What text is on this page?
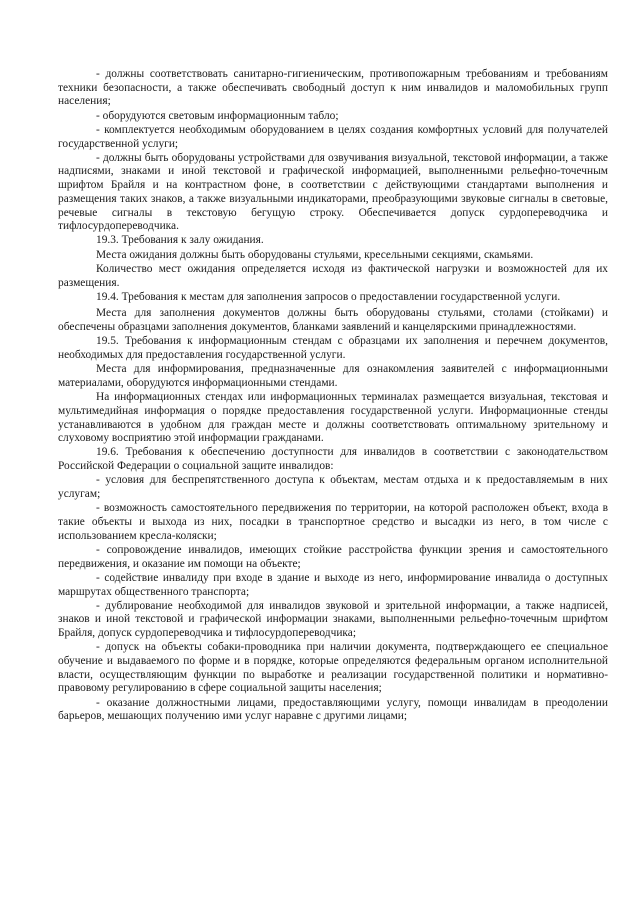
- должны соответствовать санитарно-гигиеническим, противопожарным требованиям и требованиям техники безопасности, а также обеспечивать свободный доступ к ним инвалидов и маломобильных групп населения;

- оборудуются световым информационным табло;

- комплектуется необходимым оборудованием в целях создания комфортных условий для получателей государственной услуги;

- должны быть оборудованы устройствами для озвучивания визуальной, текстовой информации, а также надписями, знаками и иной текстовой и графической информацией, выполненными рельефно-точечным шрифтом Брайля и на контрастном фоне, в соответствии с действующими стандартами выполнения и размещения таких знаков, а также визуальными индикаторами, преобразующими звуковые сигналы в световые, речевые сигналы в текстовую бегущую строку. Обеспечивается допуск сурдопереводчика и тифлосурдопереводчика.

19.3. Требования к залу ожидания.

Места ожидания должны быть оборудованы стульями, кресельными секциями, скамьями.

Количество мест ожидания определяется исходя из фактической нагрузки и возможностей для их размещения.

19.4. Требования к местам для заполнения запросов о предоставлении государственной услуги.

Места для заполнения документов должны быть оборудованы стульями, столами (стойками) и обеспечены образцами заполнения документов, бланками заявлений и канцелярскими принадлежностями.

19.5. Требования к информационным стендам с образцами их заполнения и перечнем документов, необходимых для предоставления государственной услуги.

Места для информирования, предназначенные для ознакомления заявителей с информационными материалами, оборудуются информационными стендами.

На информационных стендах или информационных терминалах размещается визуальная, текстовая и мультимедийная информация о порядке предоставления государственной услуги. Информационные стенды устанавливаются в удобном для граждан месте и должны соответствовать оптимальному зрительному и слуховому восприятию этой информации гражданами.

19.6. Требования к обеспечению доступности для инвалидов в соответствии с законодательством Российской Федерации о социальной защите инвалидов:

- условия для беспрепятственного доступа к объектам, местам отдыха и к предоставляемым в них услугам;

- возможность самостоятельного передвижения по территории, на которой расположен объект, входа в такие объекты и выхода из них, посадки в транспортное средство и высадки из него, в том числе с использованием кресла-коляски;

- сопровождение инвалидов, имеющих стойкие расстройства функции зрения и самостоятельного передвижения, и оказание им помощи на объекте;

- содействие инвалиду при входе в здание и выходе из него, информирование инвалида о доступных маршрутах общественного транспорта;

- дублирование необходимой для инвалидов звуковой и зрительной информации, а также надписей, знаков и иной текстовой и графической информации знаками, выполненными рельефно-точечным шрифтом Брайля, допуск сурдопереводчика и тифлосурдопереводчика;

- допуск на объекты собаки-проводника при наличии документа, подтверждающего ее специальное обучение и выдаваемого по форме и в порядке, которые определяются федеральным органом исполнительной власти, осуществляющим функции по выработке и реализации государственной политики и нормативно-правовому регулированию в сфере социальной защиты населения;

- оказание должностными лицами, предоставляющими услугу, помощи инвалидам в преодолении барьеров, мешающих получению ими услуг наравне с другими лицами;
